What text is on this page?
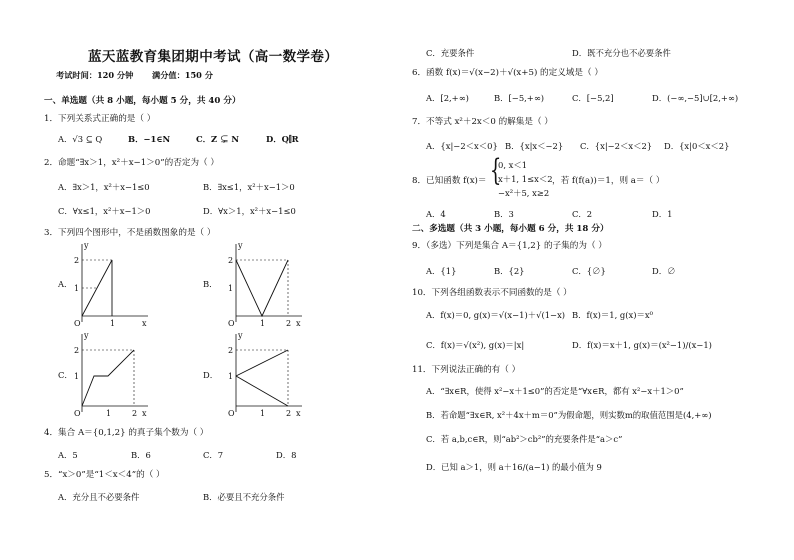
蓝天蓝教育集团期中考试（高一数学卷）
考试时间：120 分钟 满分值：150 分
一、单选题（共 8 小题，每小题 5 分，共 40 分）
1．下列关系式正确的是（ ）
A．√3 ⊆ Q	B．−1∈N	C．Z ⊊ N	D．Q⫿R
2．命题“∃x＞1，x²＋x−1＞0”的否定为（ ）
A．∃x＞1，x²＋x−1≤0	B．∃x≤1，x²＋x−1＞0
C．∀x≤1，x²＋x−1＞0	D．∀x＞1，x²＋x−1≤0
3．下列四个图形中，不是函数图象的是（ ）
A．	B．
C．	D．
y
2
1
O	1	x
y
2
1
O	1	2 x
y
2
1
O	1	2 x
y
2
1
O	1	2 x
4．集合 A＝{0,1,2} 的真子集个数为（ ）
A．5	B．6	C．7	D．8
5．“x＞0”是“1＜x＜4”的（ ）
A．充分且不必要条件	B．必要且不充分条件
C．充要条件	D．既不充分也不必要条件
6．函数 f(x)＝√(x−2)＋√(x+5) 的定义域是（ ）
A．[2,+∞)	B．[−5,+∞)	C．[−5,2]	D．(−∞,−5]∪[2,+∞)
7．不等式 x²＋2x＜0 的解集是（ ）
A．{x|−2＜x＜0} B．{x|x＜−2} C．{x|−2＜x＜2} D．{x|0＜x＜2}
8．已知函数 f(x)＝ {
0, x＜1
x＋1, 1≤x＜2
−x²＋5, x≥2
，若 f(f(a))＝1，则 a＝（ ）
A．4	B．3	C．2	D．1
二、多选题（共 3 小题，每小题 6 分，共 18 分）
9．（多选）下列是集合 A＝{1,2} 的子集的为（ ）
A．{1}	B．{2}	C．{∅}	D．∅
10．下列各组函数表示不同函数的是（ ）
A．f(x)＝0, g(x)＝√(x−1)＋√(1−x) B．f(x)＝1, g(x)＝x⁰
C．f(x)＝√(x²), g(x)＝|x|	D．f(x)＝x＋1, g(x)＝(x²−1)/(x−1)
11．下列说法正确的有（ ）
A．“∃x∈R，使得 x²−x＋1≤0”的否定是“∀x∈R，都有 x²−x＋1＞0”
B．若命题“∃x∈R, x²＋4x＋m＝0”为假命题，则实数m的取值范围是(4,+∞)
C．若 a,b,c∈R，则“ab²＞cb²”的充要条件是“a＞c”
D．已知 a＞1，则 a＋16/(a−1) 的最小值为 9
